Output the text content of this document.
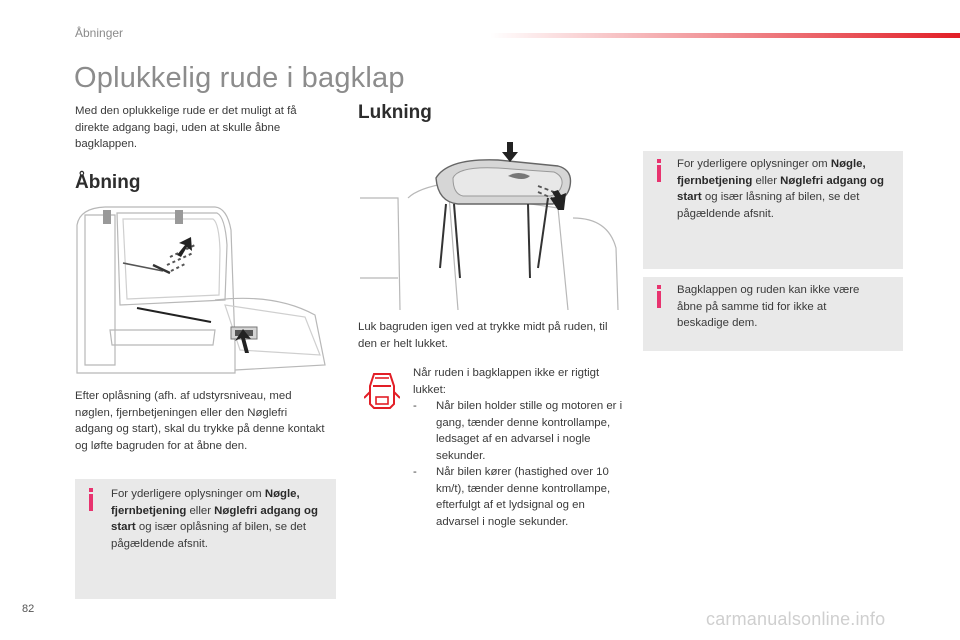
Åbninger
Oplukkelig rude i bagklap
Med den oplukkelige rude er det muligt at få direkte adgang bagi, uden at skulle åbne bagklappen.
Åbning
Efter oplåsning (afh. af udstyrsniveau, med nøglen, fjernbetjeningen eller den Nøglefri adgang og start), skal du trykke på denne kontakt og løfte bagruden for at åbne den.
For yderligere oplysninger om Nøgle, fjernbetjening eller Nøglefri adgang og start og især oplåsning af bilen, se det pågældende afsnit.
Lukning
Luk bagruden igen ved at trykke midt på ruden, til den er helt lukket.
Når ruden i bagklappen ikke er rigtigt lukket:
- Når bilen holder stille og motoren er i gang, tænder denne kontrollampe, ledsaget af en advarsel i nogle sekunder.
- Når bilen kører (hastighed over 10 km/t), tænder denne kontrollampe, efterfulgt af et lydsignal og en advarsel i nogle sekunder.
For yderligere oplysninger om Nøgle, fjernbetjening eller Nøglefri adgang og start og især låsning af bilen, se det pågældende afsnit.
Bagklappen og ruden kan ikke være åbne på samme tid for ikke at beskadige dem.
82	carmanualsonline.info
